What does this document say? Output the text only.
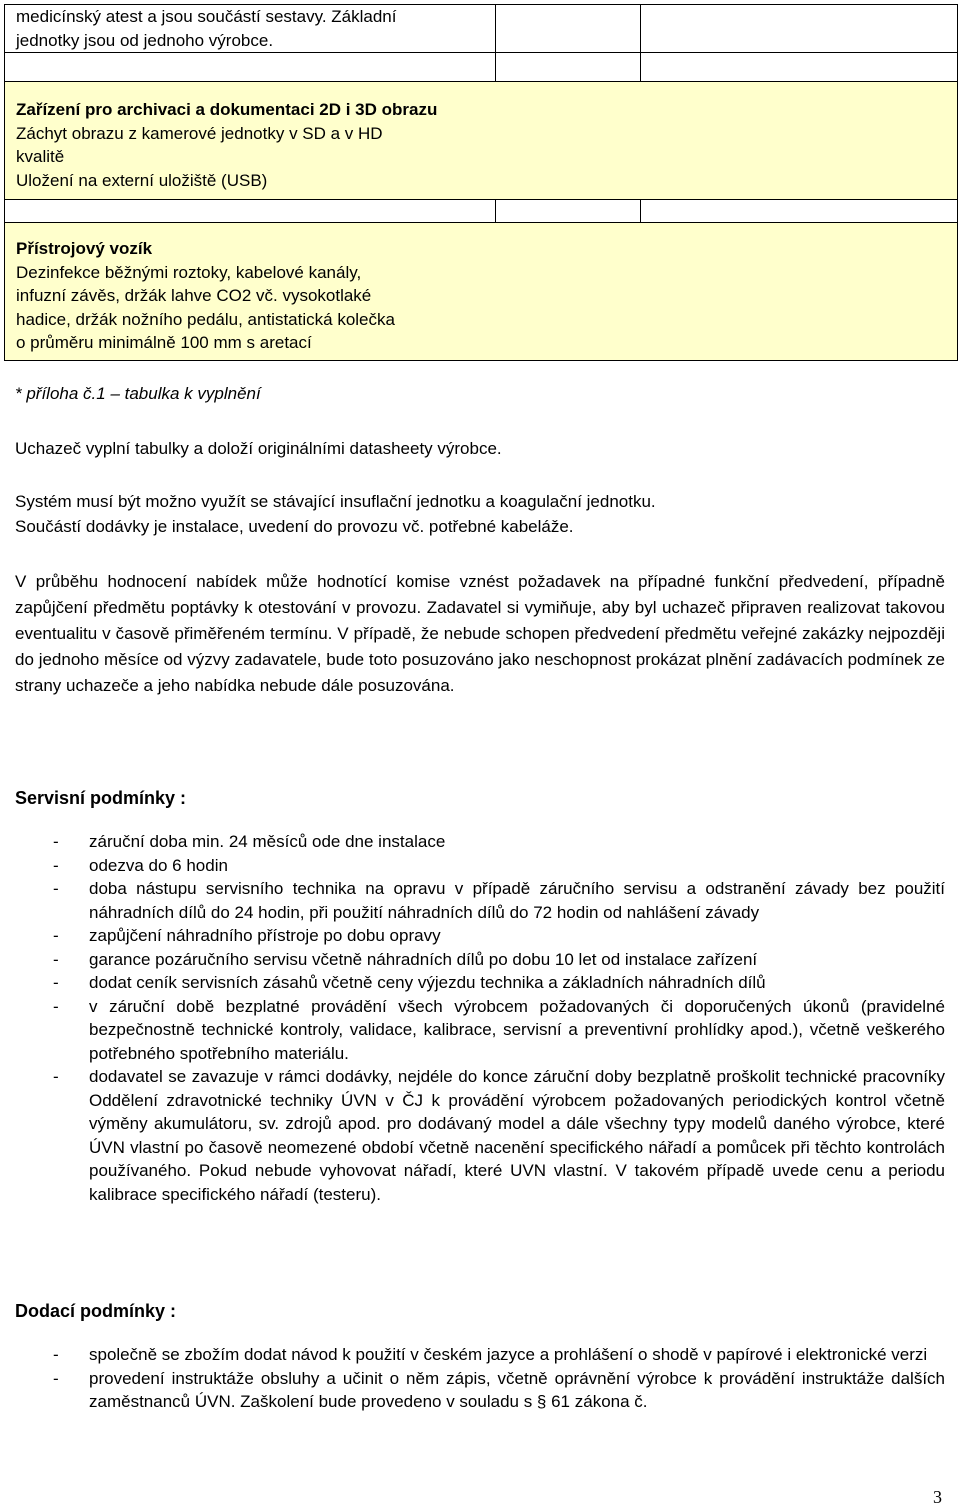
medicínský atest a jsou součástí sestavy. Základní
jednotky jsou od jednoho výrobce.		

Zařízení pro archivaci a dokumentaci 2D i 3D obrazu
Záchyt obrazu z kamerové jednotky v SD a v HD
kvalitě
Uložení na externí uložiště (USB)		

Přístrojový vozík
Dezinfekce běžnými roztoky, kabelové kanály,
infuzní závěs, držák lahve CO2 vč. vysokotlaké
hadice, držák nožního pedálu, antistatická kolečka
o průměru minimálně 100 mm s aretací		
* příloha č.1 – tabulka k vyplnění
Uchazeč vyplní tabulky a doloží originálními datasheety výrobce.
Systém musí být možno využít se stávající insuflační jednotku a koagulační jednotku.
Součástí dodávky je instalace, uvedení do provozu vč. potřebné kabeláže.
V průběhu hodnocení nabídek může hodnotící komise vznést požadavek na případné funkční předvedení, případně zapůjčení předmětu poptávky k otestování v provozu. Zadavatel si vymiňuje, aby byl uchazeč připraven realizovat takovou eventualitu v časově přiměřeném termínu. V případě, že nebude schopen předvedení předmětu veřejné zakázky nejpozději do jednoho měsíce od výzvy zadavatele, bude toto posuzováno jako neschopnost prokázat plnění zadávacích podmínek ze strany uchazeče a jeho nabídka nebude dále posuzována.
Servisní podmínky :
- záruční doba min. 24 měsíců ode dne instalace
- odezva do 6 hodin
- doba nástupu servisního technika na opravu v případě záručního servisu a odstranění závady bez použití náhradních dílů do 24 hodin, při použití náhradních dílů do 72 hodin od nahlášení závady
- zapůjčení náhradního přístroje po dobu opravy
- garance pozáručního servisu včetně náhradních dílů po dobu 10 let od instalace zařízení
- dodat ceník servisních zásahů včetně ceny výjezdu technika a základních náhradních dílů
- v záruční době bezplatné provádění všech výrobcem požadovaných či doporučených úkonů (pravidelné bezpečnostně technické kontroly, validace, kalibrace, servisní a preventivní prohlídky apod.), včetně veškerého potřebného spotřebního materiálu.
- dodavatel se zavazuje v rámci dodávky, nejdéle do konce záruční doby bezplatně proškolit technické pracovníky Oddělení zdravotnické techniky ÚVN v ČJ k provádění výrobcem požadovaných periodických kontrol včetně výměny akumulátoru, sv. zdrojů apod. pro dodávaný model a dále všechny typy modelů daného výrobce, které ÚVN vlastní po časově neomezené období včetně nacenění specifického nářadí a pomůcek při těchto kontrolách používaného. Pokud nebude vyhovovat nářadí, které UVN vlastní. V takovém případě uvede cenu a periodu kalibrace specifického nářadí (testeru).
Dodací podmínky :
- společně se zbožím dodat návod k použití v českém jazyce a prohlášení o shodě v papírové i elektronické verzi
- provedení instruktáže obsluhy a učinit o něm zápis, včetně oprávnění výrobce k provádění instruktáže dalších zaměstnanců ÚVN. Zaškolení bude provedeno v souladu s § 61 zákona č.
3
